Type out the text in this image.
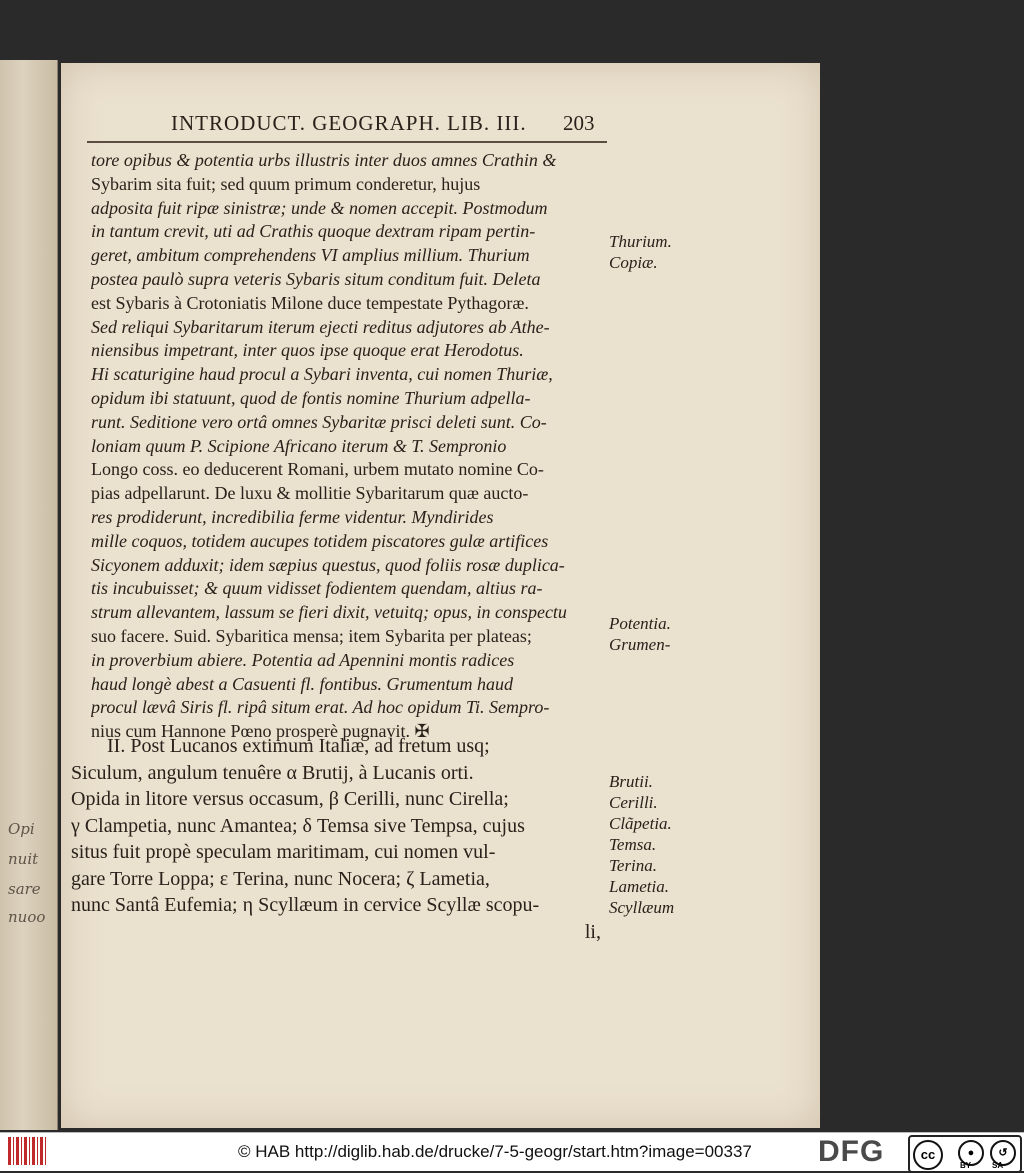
Opi
nuit
sare
nuoo
INTRODUCT. GEOGRAPH. LIB. III.	203
tore opibus & potentia urbs illustris inter duos amnes Crathin &
Sybarim sita fuit; sed quum primum conderetur, hujus
adposita fuit ripæ sinistræ; unde & nomen accepit. Postmodum
in tantum crevit, uti ad Crathis quoque dextram ripam pertin-
geret, ambitum comprehendens VI amplius millium. Thurium
postea paulò supra veteris Sybaris situm conditum fuit. Deleta
est Sybaris à Crotoniatis Milone duce tempestate Pythagoræ.
Sed reliqui Sybaritarum iterum ejecti reditus adjutores ab Athe-
niensibus impetrant, inter quos ipse quoque erat Herodotus.
Hi scaturigine haud procul a Sybari inventa, cui nomen Thuriæ,
opidum ibi statuunt, quod de fontis nomine Thurium adpella-
runt. Seditione vero ortâ omnes Sybaritæ prisci deleti sunt. Co-
loniam quum P. Scipione Africano iterum & T. Sempronio
Longo coss. eo deducerent Romani, urbem mutato nomine Co-
pias adpellarunt. De luxu & mollitie Sybaritarum quæ aucto-
res prodiderunt, incredibilia ferme videntur. Myndirides
mille coquos, totidem aucupes totidem piscatores gulæ artifices
Sicyonem adduxit; idem sæpius questus, quod foliis rosæ duplica-
tis incubuisset; & quum vidisset fodientem quendam, altius ra-
strum allevantem, lassum se fieri dixit, vetuitq; opus, in conspectu
suo facere. Suid. Sybaritica mensa; item Sybarita per plateas;
in proverbium abiere. Potentia ad Apennini montis radices
haud longè abest a Casuenti fl. fontibus. Grumentum haud
procul lævâ Siris fl. ripâ situm erat. Ad hoc opidum Ti. Sempro-
nius cum Hannone Pœno prosperè pugnavit. ✠
II. Post Lucanos extimum Italiæ, ad fretum usq;
Siculum, angulum tenuêre α Brutij, à Lucanis orti.
Opida in litore versus occasum, β Cerilli, nunc Cirella;
γ Clampetia, nunc Amantea; δ Temsa sive Tempsa, cujus
situs fuit propè speculam maritimam, cui nomen vul-
gare Torre Loppa; ε Terina, nunc Nocera; ζ Lametia,
nunc Santâ Eufemia; η Scyllæum in cervice Scyllæ scopu-
li,
Thurium.
Copiæ.
Potentia.
Grumen-
Brutii.
Cerilli.
Clãpetia.
Temsa.
Terina.
Lametia.
Scyllæum
© HAB http://diglib.hab.de/drucke/7-5-geogr/start.htm?image=00337 DFG	cc	●	↺
BY	SA
